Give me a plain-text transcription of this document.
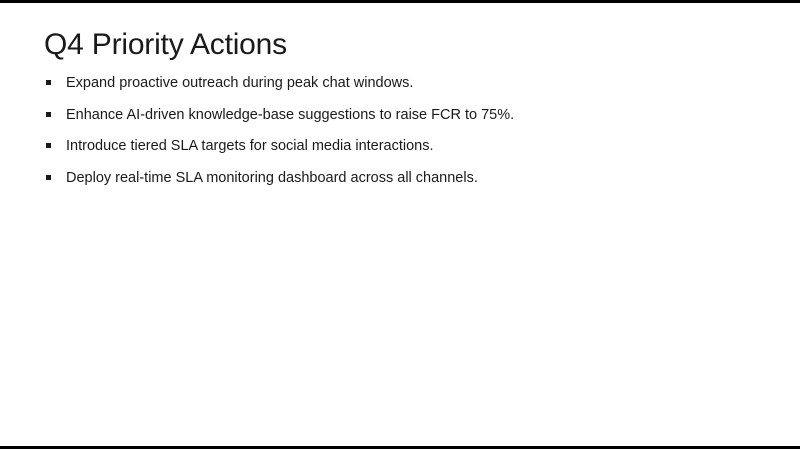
Q4 Priority Actions
Expand proactive outreach during peak chat windows.
Enhance AI-driven knowledge-base suggestions to raise FCR to 75%.
Introduce tiered SLA targets for social media interactions.
Deploy real-time SLA monitoring dashboard across all channels.
